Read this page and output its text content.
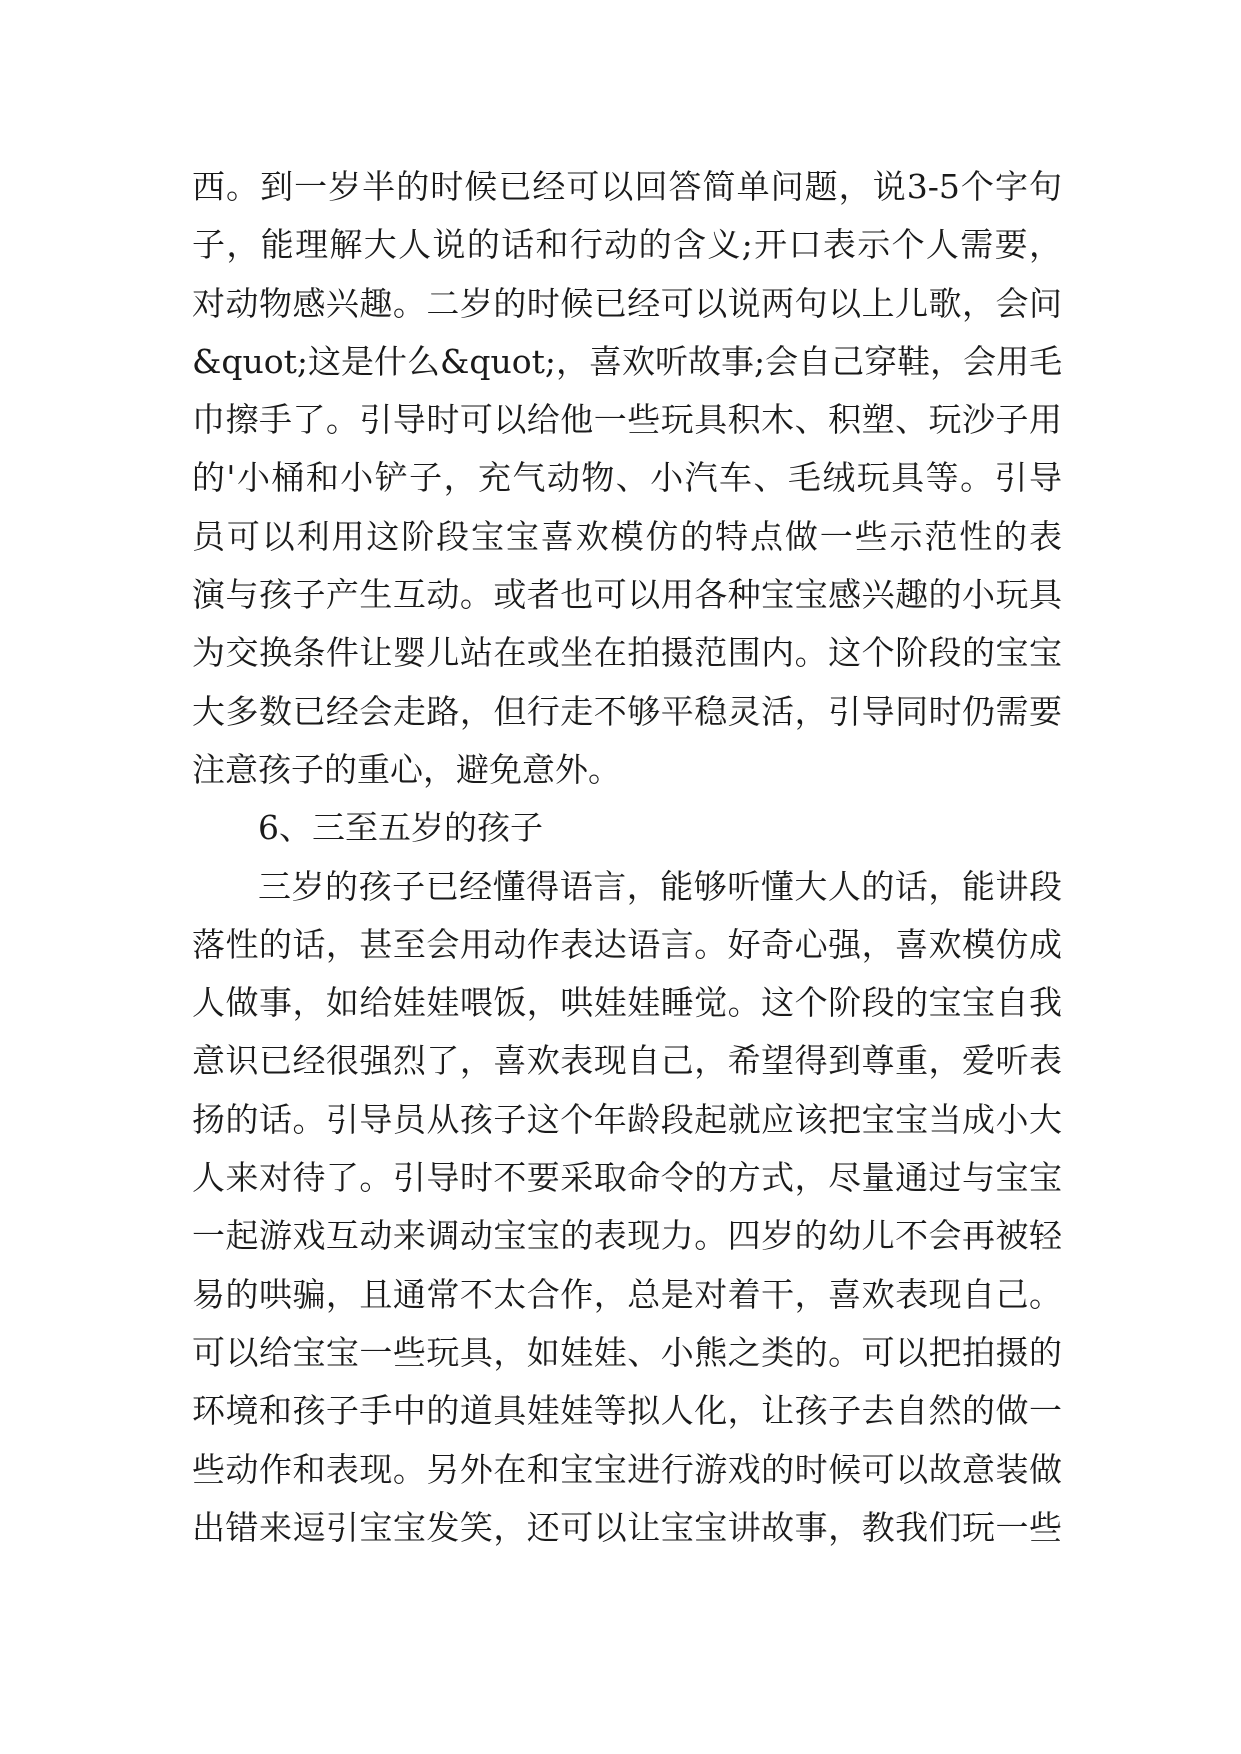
西。到一岁半的时候已经可以回答简单问题，说3-5个字句
子，能理解大人说的话和行动的含义;开口表示个人需要，
对动物感兴趣。二岁的时候已经可以说两句以上儿歌，会问
&quot;这是什么&quot;，喜欢听故事;会自己穿鞋，会用毛
巾擦手了。引导时可以给他一些玩具积木、积塑、玩沙子用
的'小桶和小铲子，充气动物、小汽车、毛绒玩具等。引导
员可以利用这阶段宝宝喜欢模仿的特点做一些示范性的表
演与孩子产生互动。或者也可以用各种宝宝感兴趣的小玩具
为交换条件让婴儿站在或坐在拍摄范围内。这个阶段的宝宝
大多数已经会走路，但行走不够平稳灵活，引导同时仍需要
注意孩子的重心，避免意外。
6、三至五岁的孩子
三岁的孩子已经懂得语言，能够听懂大人的话，能讲段
落性的话，甚至会用动作表达语言。好奇心强，喜欢模仿成
人做事，如给娃娃喂饭，哄娃娃睡觉。这个阶段的宝宝自我
意识已经很强烈了，喜欢表现自己，希望得到尊重，爱听表
扬的话。引导员从孩子这个年龄段起就应该把宝宝当成小大
人来对待了。引导时不要采取命令的方式，尽量通过与宝宝
一起游戏互动来调动宝宝的表现力。四岁的幼儿不会再被轻
易的哄骗，且通常不太合作，总是对着干，喜欢表现自己。
可以给宝宝一些玩具，如娃娃、小熊之类的。可以把拍摄的
环境和孩子手中的道具娃娃等拟人化，让孩子去自然的做一
些动作和表现。另外在和宝宝进行游戏的时候可以故意装做
出错来逗引宝宝发笑，还可以让宝宝讲故事，教我们玩一些
